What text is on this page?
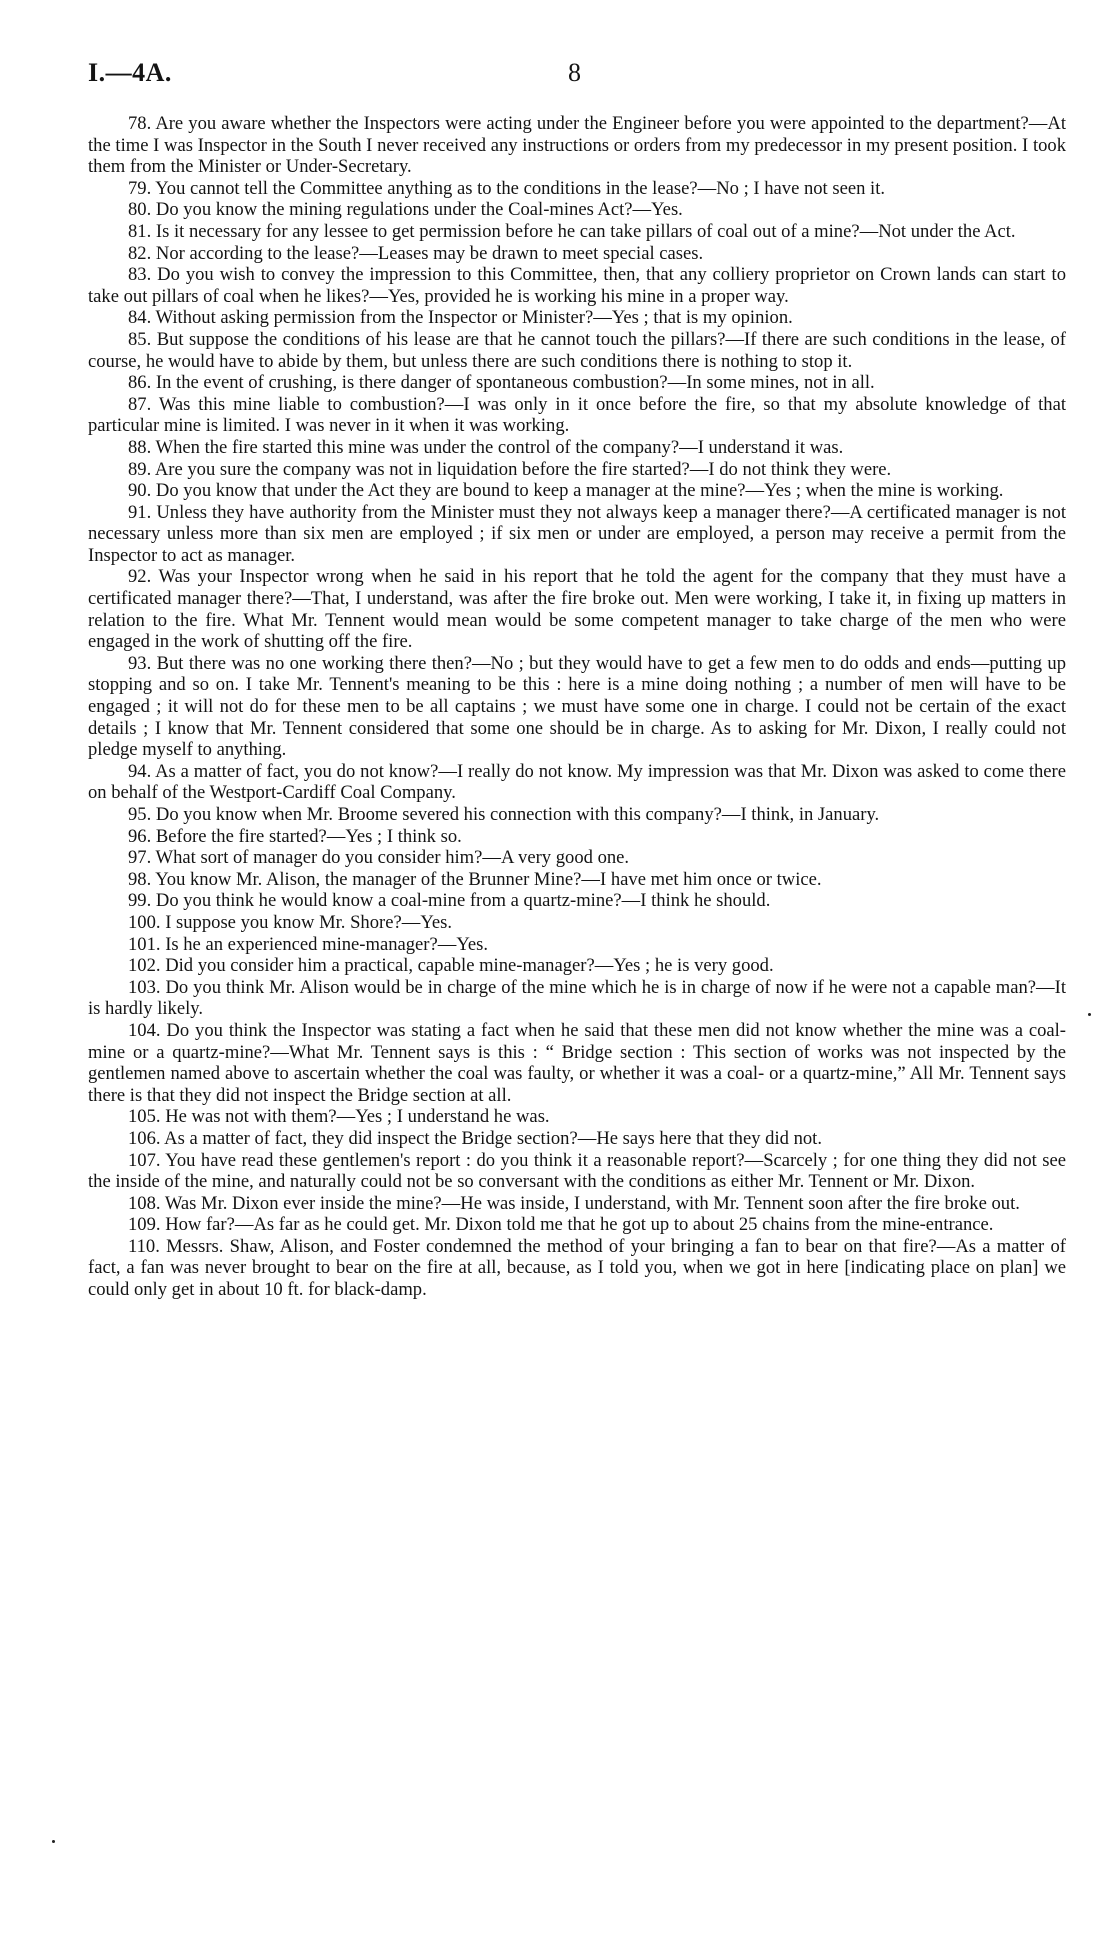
I.—4A.	8

78. Are you aware whether the Inspectors were acting under the Engineer before you were appointed to the department?—At the time I was Inspector in the South I never received any instructions or orders from my predecessor in my present position. I took them from the Minister or Under-Secretary.

79. You cannot tell the Committee anything as to the conditions in the lease?—No ; I have not seen it.

80. Do you know the mining regulations under the Coal-mines Act?—Yes.

81. Is it necessary for any lessee to get permission before he can take pillars of coal out of a mine?—Not under the Act.

82. Nor according to the lease?—Leases may be drawn to meet special cases.

83. Do you wish to convey the impression to this Committee, then, that any colliery proprietor on Crown lands can start to take out pillars of coal when he likes?—Yes, provided he is working his mine in a proper way.

84. Without asking permission from the Inspector or Minister?—Yes ; that is my opinion.

85. But suppose the conditions of his lease are that he cannot touch the pillars?—If there are such conditions in the lease, of course, he would have to abide by them, but unless there are such conditions there is nothing to stop it.

86. In the event of crushing, is there danger of spontaneous combustion?—In some mines, not in all.

87. Was this mine liable to combustion?—I was only in it once before the fire, so that my absolute knowledge of that particular mine is limited. I was never in it when it was working.

88. When the fire started this mine was under the control of the company?—I understand it was.

89. Are you sure the company was not in liquidation before the fire started?—I do not think they were.

90. Do you know that under the Act they are bound to keep a manager at the mine?—Yes ; when the mine is working.

91. Unless they have authority from the Minister must they not always keep a manager there?—A certificated manager is not necessary unless more than six men are employed ; if six men or under are employed, a person may receive a permit from the Inspector to act as manager.

92. Was your Inspector wrong when he said in his report that he told the agent for the company that they must have a certificated manager there?—That, I understand, was after the fire broke out. Men were working, I take it, in fixing up matters in relation to the fire. What Mr. Tennent would mean would be some competent manager to take charge of the men who were engaged in the work of shutting off the fire.

93. But there was no one working there then?—No ; but they would have to get a few men to do odds and ends—putting up stopping and so on. I take Mr. Tennent's meaning to be this : here is a mine doing nothing ; a number of men will have to be engaged ; it will not do for these men to be all captains ; we must have some one in charge. I could not be certain of the exact details ; I know that Mr. Tennent considered that some one should be in charge. As to asking for Mr. Dixon, I really could not pledge myself to anything.

94. As a matter of fact, you do not know?—I really do not know. My impression was that Mr. Dixon was asked to come there on behalf of the Westport-Cardiff Coal Company.

95. Do you know when Mr. Broome severed his connection with this company?—I think, in January.

96. Before the fire started?—Yes ; I think so.

97. What sort of manager do you consider him?—A very good one.

98. You know Mr. Alison, the manager of the Brunner Mine?—I have met him once or twice.

99. Do you think he would know a coal-mine from a quartz-mine?—I think he should.

100. I suppose you know Mr. Shore?—Yes.

101. Is he an experienced mine-manager?—Yes.

102. Did you consider him a practical, capable mine-manager?—Yes ; he is very good.

103. Do you think Mr. Alison would be in charge of the mine which he is in charge of now if he were not a capable man?—It is hardly likely.

104. Do you think the Inspector was stating a fact when he said that these men did not know whether the mine was a coal-mine or a quartz-mine?—What Mr. Tennent says is this : “ Bridge section : This section of works was not inspected by the gentlemen named above to ascertain whether the coal was faulty, or whether it was a coal- or a quartz-mine,” All Mr. Tennent says there is that they did not inspect the Bridge section at all.

105. He was not with them?—Yes ; I understand he was.

106. As a matter of fact, they did inspect the Bridge section?—He says here that they did not.

107. You have read these gentlemen's report : do you think it a reasonable report?—Scarcely ; for one thing they did not see the inside of the mine, and naturally could not be so conversant with the conditions as either Mr. Tennent or Mr. Dixon.

108. Was Mr. Dixon ever inside the mine?—He was inside, I understand, with Mr. Tennent soon after the fire broke out.

109. How far?—As far as he could get. Mr. Dixon told me that he got up to about 25 chains from the mine-entrance.

110. Messrs. Shaw, Alison, and Foster condemned the method of your bringing a fan to bear on that fire?—As a matter of fact, a fan was never brought to bear on the fire at all, because, as I told you, when we got in here [indicating place on plan] we could only get in about 10 ft. for black-damp.
